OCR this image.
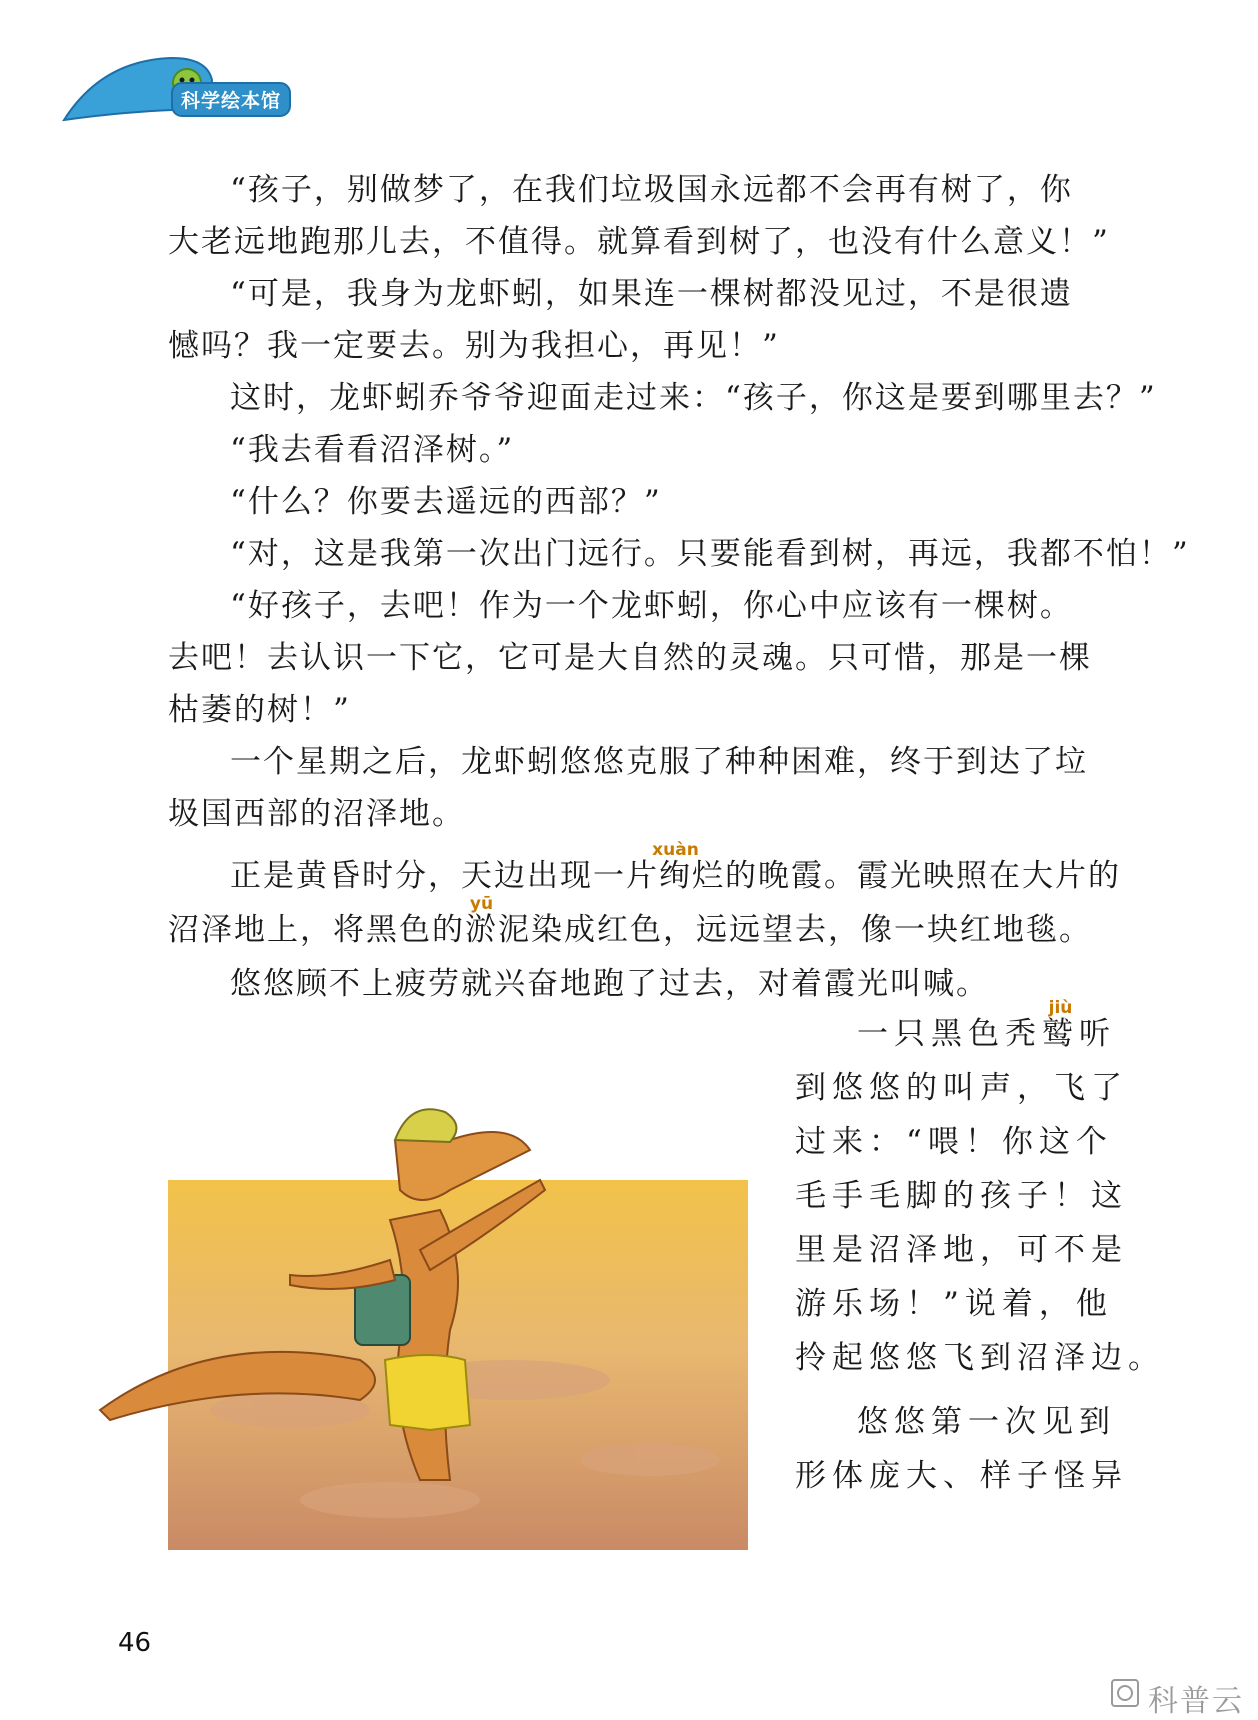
科学绘本馆
“孩子，别做梦了，在我们垃圾国永远都不会再有树了，你
大老远地跑那儿去，不值得。就算看到树了，也没有什么意义！”
“可是，我身为龙虾蚓，如果连一棵树都没见过，不是很遗
憾吗？我一定要去。别为我担心，再见！”
这时，龙虾蚓乔爷爷迎面走过来：“孩子，你这是要到哪里去？”
“我去看看沼泽树。”
“什么？你要去遥远的西部？”
“对，这是我第一次出门远行。只要能看到树，再远，我都不怕！”
“好孩子，去吧！作为一个龙虾蚓，你心中应该有一棵树。
去吧！去认识一下它，它可是大自然的灵魂。只可惜，那是一棵
枯萎的树！”
一个星期之后，龙虾蚓悠悠克服了种种困难，终于到达了垃
圾国西部的沼泽地。
正是黄昏时分，天边出现一片
xuàn
绚烂的晚霞。霞光映照在大片的
沼泽地上，将黑色的
yū
淤泥染成红色，远远望去，像一块红地毯。
悠悠顾不上疲劳就兴奋地跑了过去，对着霞光叫喊。
一只黑色秃
jiù
鹫听
到悠悠的叫声，飞了
过来：“喂！你这个
毛手毛脚的孩子！这
里是沼泽地，可不是
游乐场！”说着，他
拎起悠悠飞到沼泽边。
悠悠第一次见到
形体庞大、样子怪异
46
科普云
